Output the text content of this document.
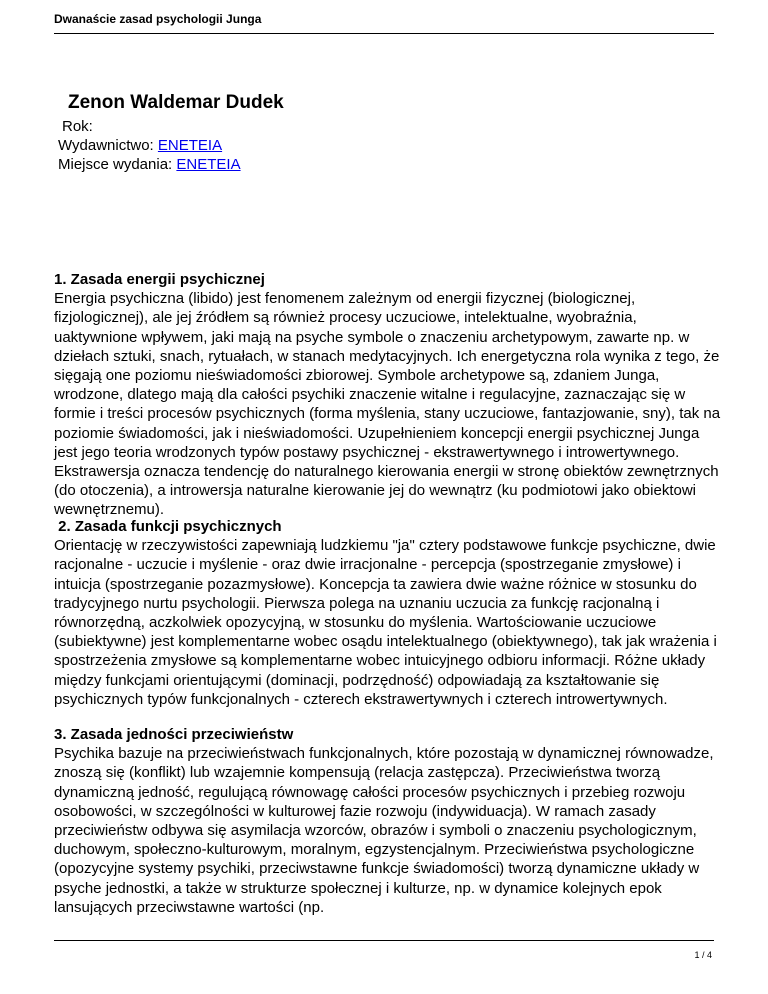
Dwanaście zasad psychologii Junga
Zenon Waldemar Dudek
Rok:
Wydawnictwo: ENETEIA
Miejsce wydania: ENETEIA
1. Zasada energii psychicznej

Energia psychiczna (libido) jest fenomenem zależnym od energii fizycznej (biologicznej, fizjologicznej), ale jej źródłem są również procesy uczuciowe, intelektualne, wyobraźnia, uaktywnione wpływem, jaki mają na psyche symbole o znaczeniu archetypowym, zawarte np. w dziełach sztuki, snach, rytuałach, w stanach medytacyjnych. Ich energetyczna rola wynika z tego, że sięgają one poziomu nieświadomości zbiorowej. Symbole archetypowe są, zdaniem Junga, wrodzone, dlatego mają dla całości psychiki znaczenie witalne i regulacyjne, zaznaczając się w formie i treści procesów psychicznych (forma myślenia, stany uczuciowe, fantazjowanie, sny), tak na poziomie świadomości, jak i nieświadomości. Uzupełnieniem koncepcji energii psychicznej Junga jest jego teoria wrodzonych typów postawy psychicznej - ekstrawertywnego i introwertywnego. Ekstrawersja oznacza tendencję do naturalnego kierowania energii w stronę obiektów zewnętrznych (do otoczenia), a introwersja naturalne kierowanie jej do wewnątrz (ku podmiotowi jako obiektowi wewnętrznemu).

2. Zasada funkcji psychicznych

Orientację w rzeczywistości zapewniają ludzkiemu "ja" cztery podstawowe funkcje psychiczne, dwie racjonalne - uczucie i myślenie - oraz dwie irracjonalne - percepcja (spostrzeganie zmysłowe) i intuicja (spostrzeganie pozazmysłowe). Koncepcja ta zawiera dwie ważne różnice w stosunku do tradycyjnego nurtu psychologii. Pierwsza polega na uznaniu uczucia za funkcję racjonalną i równorzędną, aczkolwiek opozycyjną, w stosunku do myślenia. Wartościowanie uczuciowe (subiektywne) jest komplementarne wobec osądu intelektualnego (obiektywnego), tak jak wrażenia i spostrzeżenia zmysłowe są komplementarne wobec intuicyjnego odbioru informacji. Różne układy między funkcjami orientującymi (dominacji, podrzędność) odpowiadają za kształtowanie się psychicznych typów funkcjonalnych - czterech ekstrawertywnych i czterech introwertywnych.

3. Zasada jedności przeciwieństw

Psychika bazuje na przeciwieństwach funkcjonalnych, które pozostają w dynamicznej równowadze, znoszą się (konflikt) lub wzajemnie kompensują (relacja zastępcza). Przeciwieństwa tworzą dynamiczną jedność, regulującą równowagę całości procesów psychicznych i przebieg rozwoju osobowości, w szczególności w kulturowej fazie rozwoju (indywiduacja). W ramach zasady przeciwieństw odbywa się asymilacja wzorców, obrazów i symboli o znaczeniu psychologicznym, duchowym, społeczno-kulturowym, moralnym, egzystencjalnym. Przeciwieństwa psychologiczne (opozycyjne systemy psychiki, przeciwstawne funkcje świadomości) tworzą dynamiczne układy w psyche jednostki, a także w strukturze społecznej i kulturze, np. w dynamice kolejnych epok lansujących przeciwstawne wartości (np.

1 / 4
